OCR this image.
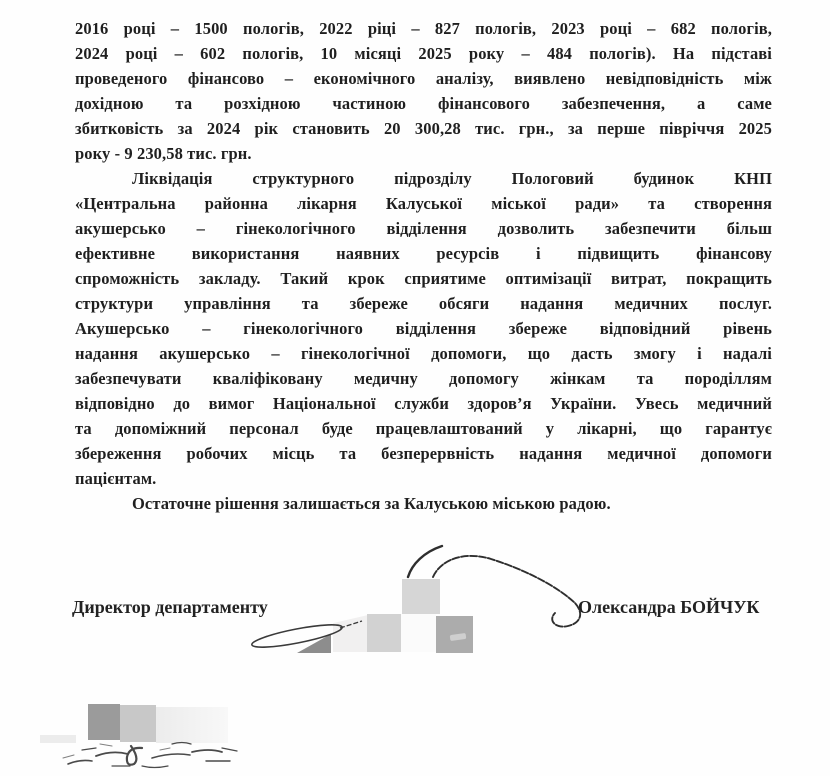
2016 році – 1500 пологів, 2022 ріці – 827 пологів, 2023 році – 682 пологів,
2024 році – 602 пологів, 10 місяці 2025 року – 484 пологів). На підставі
проведеного фінансово – економічного аналізу, виявлено невідповідність між
дохідною та розхідною частиною фінансового забезпечення, а саме
збитковість за 2024 рік становить 20 300,28 тис. грн., за перше півріччя 2025
року - 9 230,58 тис. грн.
Ліквідація структурного підрозділу Пологовий будинок КНП
«Центральна районна лікарня Калуської міської ради» та створення
акушерсько – гінекологічного відділення дозволить забезпечити більш
ефективне використання наявних ресурсів і підвищить фінансову
спроможність закладу. Такий крок сприятиме оптимізації витрат, покращить
структури управління та збереже обсяги надання медичних послуг.
Акушерсько – гінекологічного відділення збереже відповідний рівень
надання акушерсько – гінекологічної допомоги, що дасть змогу і надалі
забезпечувати кваліфіковану медичну допомогу жінкам та породіллям
відповідно до вимог Національної служби здоров’я України. Увесь медичний
та допоміжний персонал буде працевлаштований у лікарні, що гарантує
збереження робочих місць та безперервність надання медичної допомоги
пацієнтам.
Остаточне рішення залишається за Калуською міською радою.
Директор департаменту	Олександра БОЙЧУК
